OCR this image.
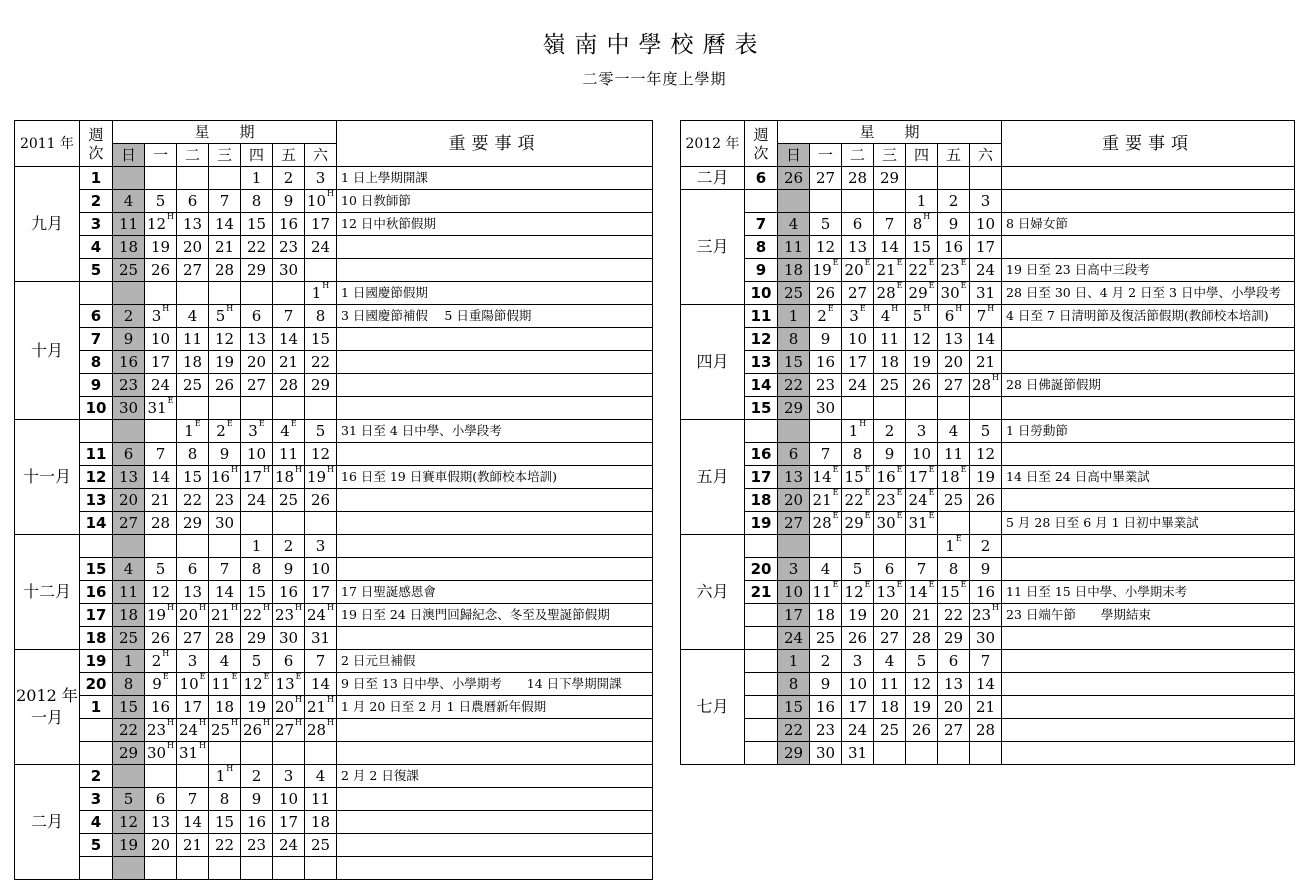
嶺南中學校曆表
二零一一年度上學期
2011 年	週次	星　　期							重要事項
		日	一	二	三	四	五	六	
九月	1					1	2	3	1 日上學期開課
	2	4	5	6	7	8	9	$10^H$	10 日教師節
	3	11	$12^H$	13	14	15	16	17	12 日中秋節假期
	4	18	19	20	21	22	23	24	
	5	25	26	27	28	29	30		
十月								$1^H$	1 日國慶節假期
	6	2	$3^H$	4	$5^H$	6	7	8	3 日國慶節補假　 5 日重陽節假期
	7	9	10	11	12	13	14	15	
	8	16	17	18	19	20	21	22	
	9	23	24	25	26	27	28	29	
	10	30	$31^E$						
十一月				$1^E$	$2^E$	$3^E$	$4^E$	5	31 日至 4 日中學、小學段考
	11	6	7	8	9	10	11	12	
	12	13	14	15	$16^H$	$17^H$	$18^H$	$19^H$	16 日至 19 日賽車假期(教師校本培訓)
	13	20	21	22	23	24	25	26	
	14	27	28	29	30				
十二月						1	2	3	
	15	4	5	6	7	8	9	10	
	16	11	12	13	14	15	16	17	17 日聖誕感恩會
	17	18	$19^H$	$20^H$	$21^H$	$22^H$	$23^H$	$24^H$	19 日至 24 日澳門回歸紀念、冬至及聖誕節假期
	18	25	26	27	28	29	30	31	

2012 年
一月	19	1	$2^H$	3	4	5	6	7	2 日元旦補假
	20	8	$9^E$	$10^E$	$11^E$	$12^E$	$13^E$	14	9 日至 13 日中學、小學期考　　14 日下學期開課
	1	15	16	17	18	19	$20^H$	$21^H$	1 月 20 日至 2 月 1 日農曆新年假期
		22	$23^H$	$24^H$	$25^H$	$26^H$	$27^H$	$28^H$	
		29	$30^H$	$31^H$					
二月	2				$1^H$	2	3	4	2 月 2 日復課
	3	5	6	7	8	9	10	11	
	4	12	13	14	15	16	17	18	
	5	19	20	21	22	23	24	25	

2012 年	週次	星　　期							重要事項
		日	一	二	三	四	五	六	
二月	6	26	27	28	29				
三月						1	2	3	
	7	4	5	6	7	$8^H$	9	10	8 日婦女節
	8	11	12	13	14	15	16	17	
	9	18	$19^E$	$20^E$	$21^E$	$22^E$	$23^E$	24	19 日至 23 日高中三段考
	10	25	26	27	$28^E$	$29^E$	$30^E$	31	28 日至 30 日、4 月 2 日至 3 日中學、小學段考
四月	11	1	$2^E$	$3^E$	$4^H$	$5^H$	$6^H$	$7^H$	4 日至 7 日清明節及復活節假期(教師校本培訓)
	12	8	9	10	11	12	13	14	
	13	15	16	17	18	19	20	21	
	14	22	23	24	25	26	27	$28^H$	28 日佛誕節假期
	15	29	30						
五月				$1^H$	2	3	4	5	1 日勞動節
	16	6	7	8	9	10	11	12	
	17	13	$14^E$	$15^E$	$16^E$	$17^E$	$18^E$	19	14 日至 24 日高中畢業試
	18	20	$21^E$	$22^E$	$23^E$	$24^E$	25	26	
	19	27	$28^E$	$29^E$	$30^E$	$31^E$			5 月 28 日至 6 月 1 日初中畢業試
六月							$1^E$	2	
	20	3	4	5	6	7	8	9	
	21	10	$11^E$	$12^E$	$13^E$	$14^E$	$15^E$	16	11 日至 15 日中學、小學期末考
		17	18	19	20	21	22	$23^H$	23 日端午節　　學期結束
		24	25	26	27	28	29	30	
七月		1	2	3	4	5	6	7	
		8	9	10	11	12	13	14	
		15	16	17	18	19	20	21	
		22	23	24	25	26	27	28	
		29	30	31					
